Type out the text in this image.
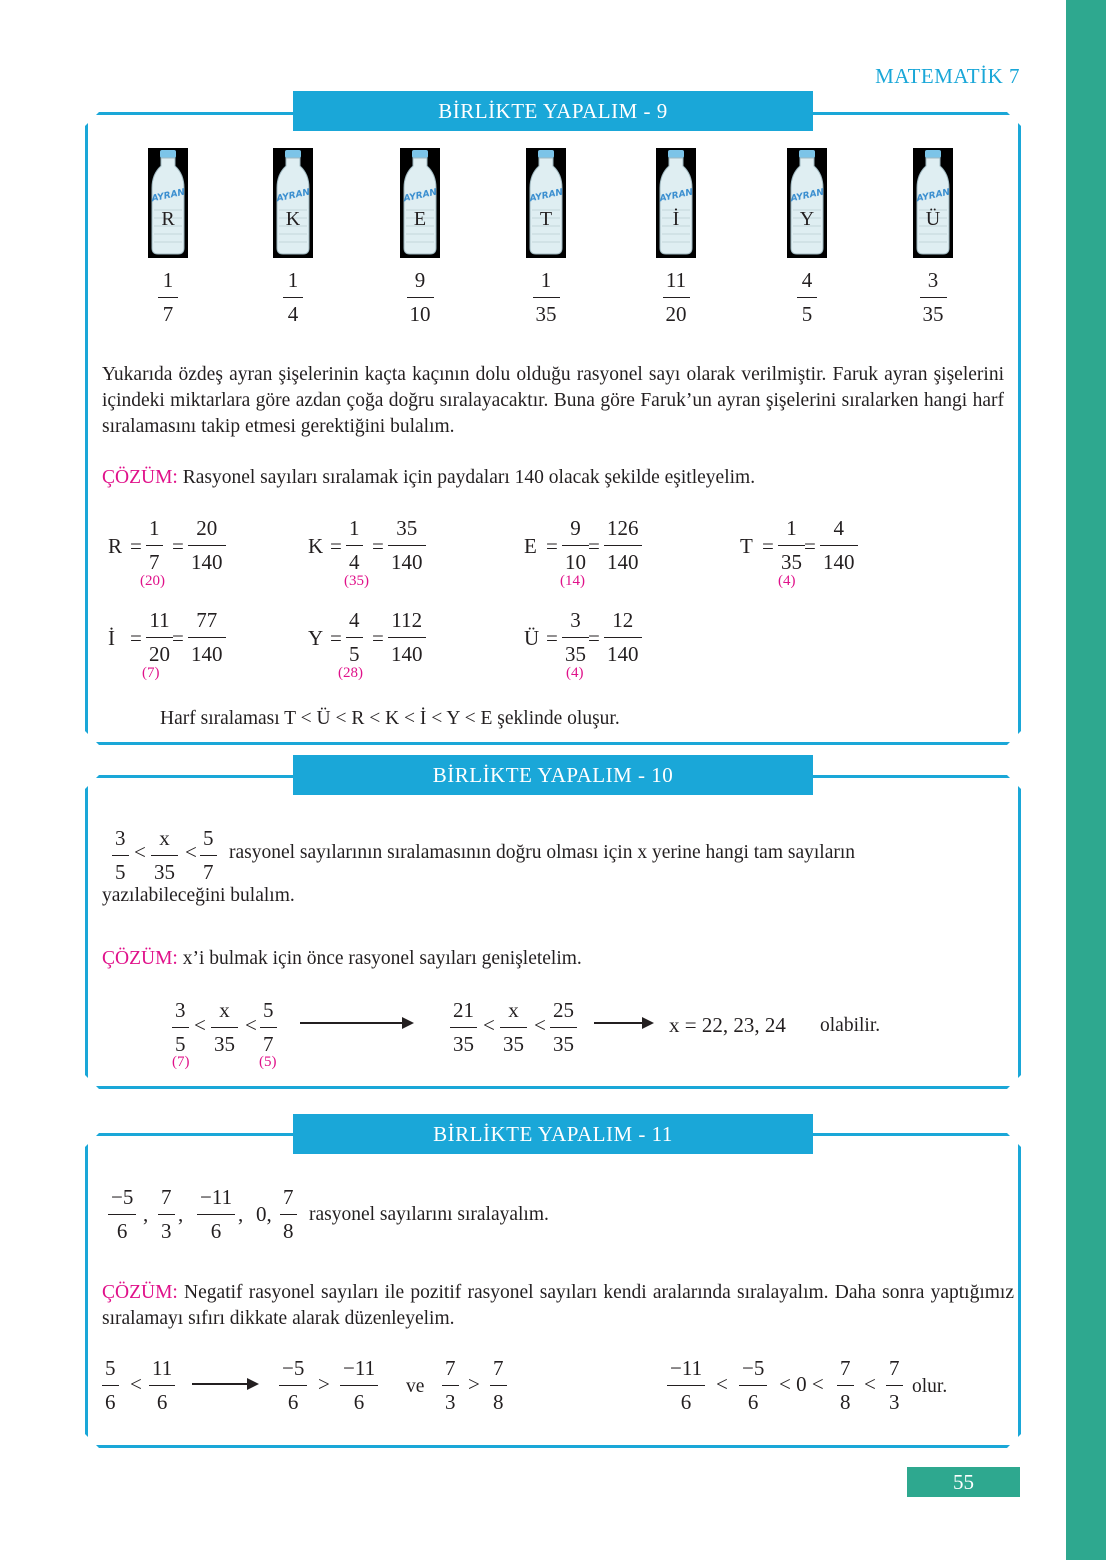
MATEMATİK 7
BİRLİKTE YAPALIM - 9
AYRAN
R
1
7
AYRAN
K
1
4
AYRAN
E
9
10
AYRAN
T
1
35
AYRAN
İ
11
20
AYRAN
Y
4
5
AYRAN
Ü
3
35
Yukarıda özdeş ayran şişelerinin kaçta kaçının dolu olduğu rasyonel sayı olarak verilmiştir. Faruk ayran şişelerini içindeki miktarlara göre azdan çoğa doğru sıralayacaktır. Buna göre Faruk’un ayran şişelerini sıralarken hangi harf sıralamasını takip etmesi gerektiğini bulalım.
ÇÖZÜM: Rasyonel sayıları sıralamak için paydaları 140 olacak şekilde eşitleyelim.
R =
1
7
=
20
140
(20)
K =
1
4
=
35
140
(35)
E =
9
10
=
126
140
(14)
T =
1
35
=
4
140
(4)
İ =
11
20
=
77
140
(7)
Y =
4
5
=
112
140
(28)
Ü =
3
35
=
12
140
(4)
Harf sıralaması T < Ü < R < K < İ < Y < E şeklinde oluşur.
BİRLİKTE YAPALIM - 10
3
5
<
x
35
<
5
7
rasyonel sayılarının sıralamasının doğru olması için x yerine hangi tam sayıların
yazılabileceğini bulalım.
ÇÖZÜM: x’i bulmak için önce rasyonel sayıları genişletelim.
3
5
<
x
35
<
5
7
(7)	(5)
21
35
<
x
35
<
25
35
x = 22, 23, 24 olabilir.
BİRLİKTE YAPALIM - 11
−5
6
,
7
3
,
−11
6
, 0,
7
8
rasyonel sayılarını sıralayalım.
ÇÖZÜM: Negatif rasyonel sayıları ile pozitif rasyonel sayıları kendi aralarında sıralayalım. Daha sonra yaptığımız sıralamayı sıfırı dikkate alarak düzenleyelim.
5
6
<
11
6
−5
6
>
−11
6
ve
7
3
>
7
8
−11
6
<
−5
6
< 0 <
7
8
<
7
3
olur.
55
